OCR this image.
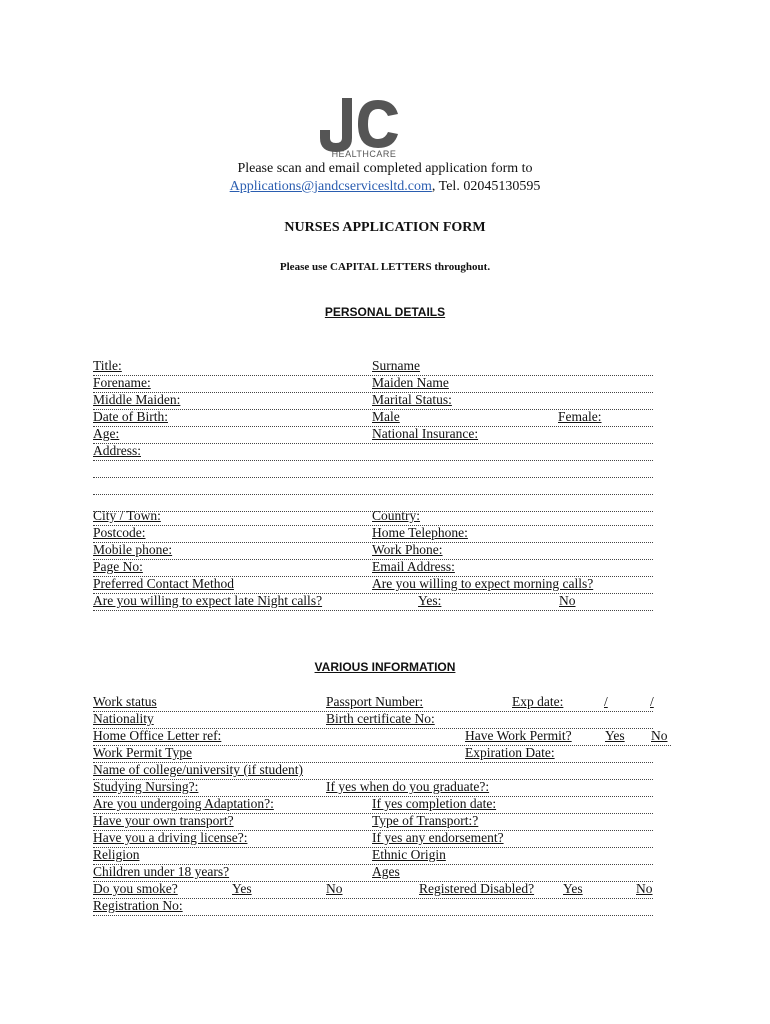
HEALTHCARE
Please scan and email completed application form to
Applications@jandcservicesltd.com, Tel. 02045130595
NURSES APPLICATION FORM
Please use CAPITAL LETTERS throughout.
PERSONAL DETAILS
Title:	Surname
Forename:	Maiden Name
Middle Maiden:	Marital Status:
Date of Birth:	Male	Female:
Age:	National Insurance:
Address:
City / Town:	Country:
Postcode:	Home Telephone:
Mobile phone:	Work Phone:
Page No:	Email Address:
Preferred Contact Method	Are you willing to expect morning calls?
Are you willing to expect late Night calls?	Yes:	No
VARIOUS INFORMATION
Work status	Passport Number:	Exp date:	/	/
Nationality	Birth certificate No:
Home Office Letter ref:	Have Work Permit? Yes No
Work Permit Type	Expiration Date:
Name of college/university (if student)
Studying Nursing?:	If yes when do you graduate?:
Are you undergoing Adaptation?:	If yes completion date:
Have your own transport?	Type of Transport:?
Have you a driving license?:	If yes any endorsement?
Religion	Ethnic Origin
Children under 18 years?	Ages
Do you smoke?	Yes	No	Registered Disabled? Yes	No
Registration No:
